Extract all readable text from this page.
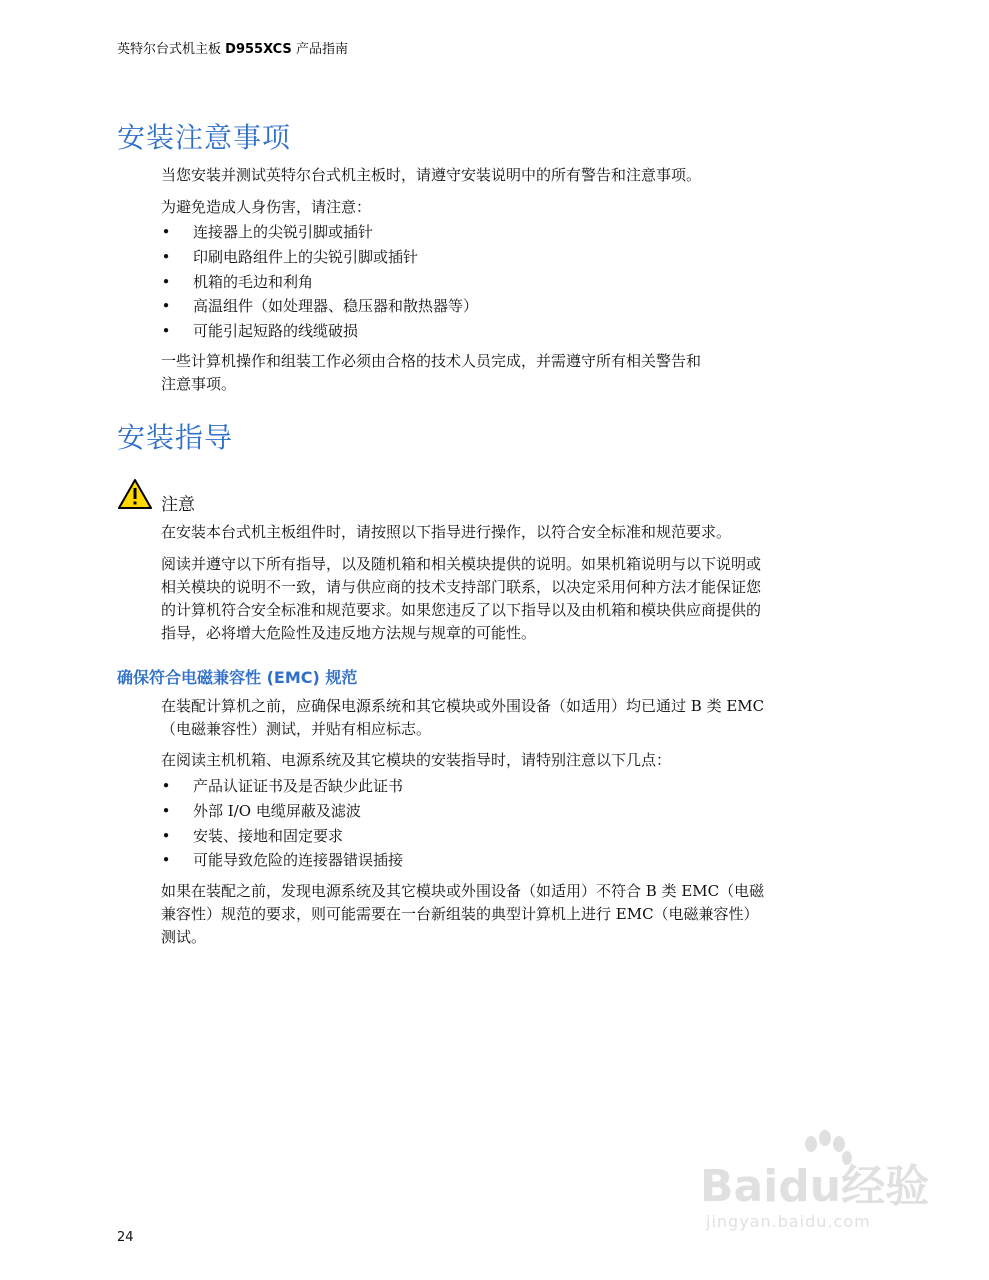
英特尔台式机主板 D955XCS 产品指南
安装注意事项

当您安装并测试英特尔台式机主板时，请遵守安装说明中的所有警告和注意事项。

为避免造成人身伤害，请注意：

• 连接器上的尖锐引脚或插针
• 印刷电路组件上的尖锐引脚或插针
• 机箱的毛边和利角
• 高温组件（如处理器、稳压器和散热器等）
• 可能引起短路的线缆破损

一些计算机操作和组装工作必须由合格的技术人员完成，并需遵守所有相关警告和

注意事项。

安装指导

注意

在安装本台式机主板组件时，请按照以下指导进行操作，以符合安全标准和规范要求。

阅读并遵守以下所有指导，以及随机箱和相关模块提供的说明。如果机箱说明与以下说明或

相关模块的说明不一致，请与供应商的技术支持部门联系，以决定采用何种方法才能保证您

的计算机符合安全标准和规范要求。如果您违反了以下指导以及由机箱和模块供应商提供的

指导，必将增大危险性及违反地方法规与规章的可能性。

确保符合电磁兼容性 (EMC) 规范

在装配计算机之前，应确保电源系统和其它模块或外围设备（如适用）均已通过 B 类 EMC

（电磁兼容性）测试，并贴有相应标志。

在阅读主机机箱、电源系统及其它模块的安装指导时，请特别注意以下几点：

• 产品认证证书及是否缺少此证书
• 外部 I/O 电缆屏蔽及滤波
• 安装、接地和固定要求
• 可能导致危险的连接器错误插接

如果在装配之前，发现电源系统及其它模块或外围设备（如适用）不符合 B 类 EMC（电磁

兼容性）规范的要求，则可能需要在一台新组装的典型计算机上进行 EMC（电磁兼容性）

测试。

24
Baidu经验
jingyan.baidu.com
